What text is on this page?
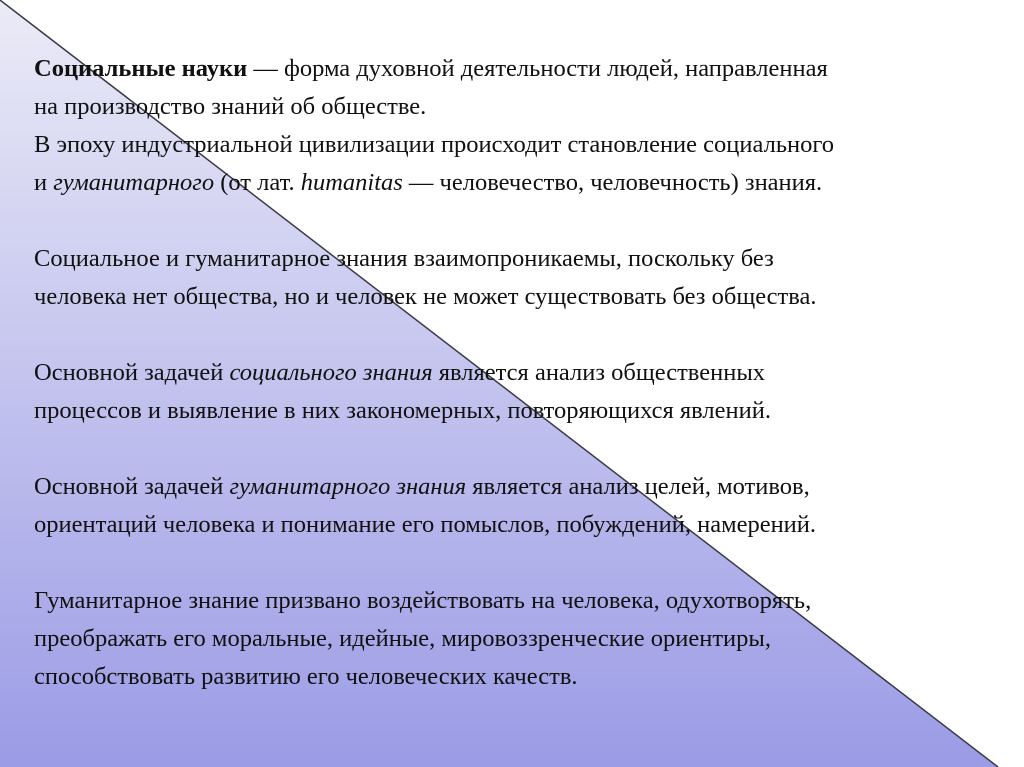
Социальные науки — форма духовной деятельности людей, направленная
на производство знаний об обществе.
В эпоху индустриальной цивилизации происходит становление социального
и гуманитарного (от лат. humanitas — человечество, человечность) знания.

Социальное и гуманитарное знания взаимопроникаемы, поскольку без
человека нет общества, но и человек не может существовать без общества.

Основной задачей социального знания является анализ общественных
процессов и выявление в них закономерных, повторяющихся явлений.

Основной задачей гуманитарного знания является анализ целей, мотивов,
ориентаций человека и понимание его помыслов, побуждений, намерений.

Гуманитарное знание призвано воздействовать на человека, одухотворять,
преображать его моральные, идейные, мировоззренческие ориентиры,
способствовать развитию его человеческих качеств.
